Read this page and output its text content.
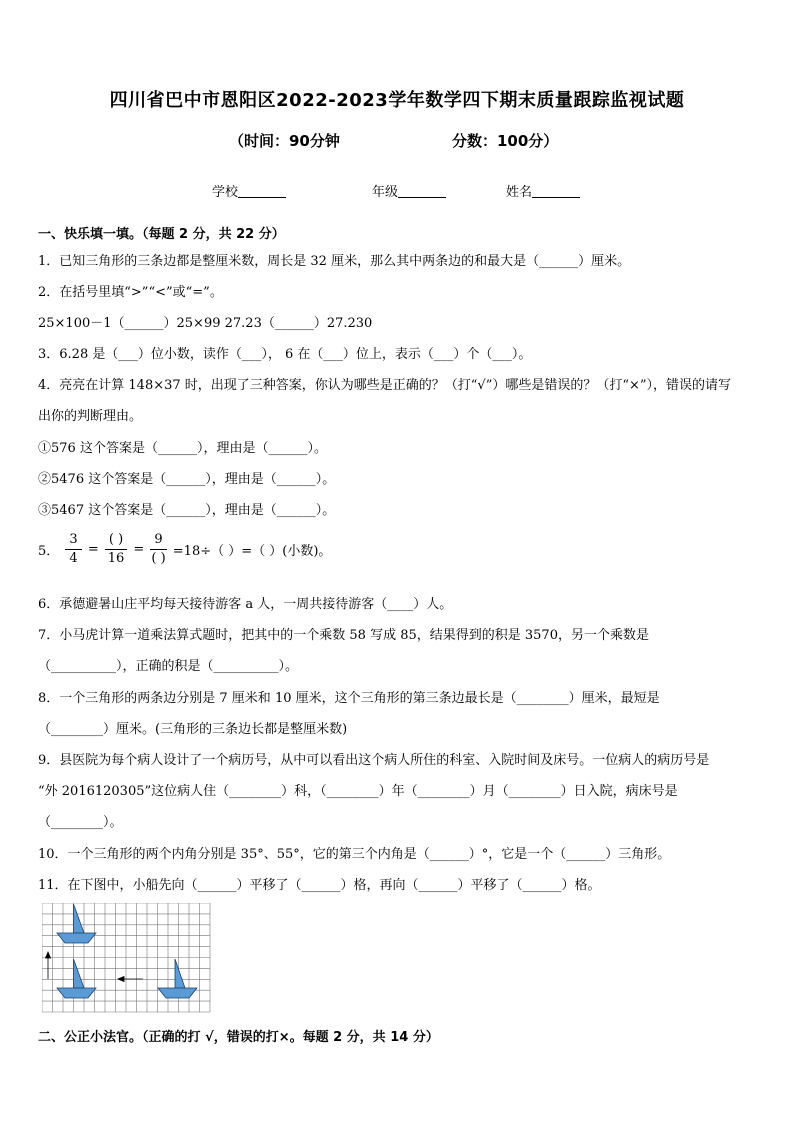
四川省巴中市恩阳区2022-2023学年数学四下期末质量跟踪监视试题
（时间：90分钟	分数：100分）
学校	年级	姓名
一、快乐填一填。（每题 2 分，共 22 分）
1．已知三角形的三条边都是整厘米数，周长是 32 厘米，那么其中两条边的和最大是（______）厘米。
2．在括号里填“>”“<”或“=”。
25×100－1（______）25×99 27.23（______）27.230
3．6.28 是（___）位小数，读作（___）， 6 在（___）位上，表示（___）个（___）。
4．亮亮在计算 148×37 时，出现了三种答案，你认为哪些是正确的？（打“√”）哪些是错误的？（打“×”），错误的请写
出你的判断理由。
①576 这个答案是（______），理由是（______）。
②5476 这个答案是（______），理由是（______）。
③5467 这个答案是（______），理由是（______）。
5． $\frac{3}{4} = \frac{( )}{16} = \frac{9}{( )} =18\div$（ ）=（ ）(小数)。
6．承德避暑山庄平均每天接待游客 a 人，一周共接待游客（____）人。
7．小马虎计算一道乘法算式题时，把其中的一个乘数 58 写成 85，结果得到的积是 3570，另一个乘数是
（__________），正确的积是（__________）。
8．一个三角形的两条边分别是 7 厘米和 10 厘米，这个三角形的第三条边最长是（________）厘米，最短是
（________）厘米。(三角形的三条边长都是整厘米数)
9．县医院为每个病人设计了一个病历号，从中可以看出这个病人所住的科室、入院时间及床号。一位病人的病历号是
“外 2016120305”这位病人住（________）科，（________）年（________）月（________）日入院，病床号是
（________）。
10．一个三角形的两个内角分别是 35°、55°，它的第三个内角是（______）°，它是一个（______）三角形。
11．在下图中，小船先向（______）平移了（______）格，再向（______）平移了（______）格。
二、公正小法官。（正确的打 √，错误的打×。每题 2 分，共 14 分）
